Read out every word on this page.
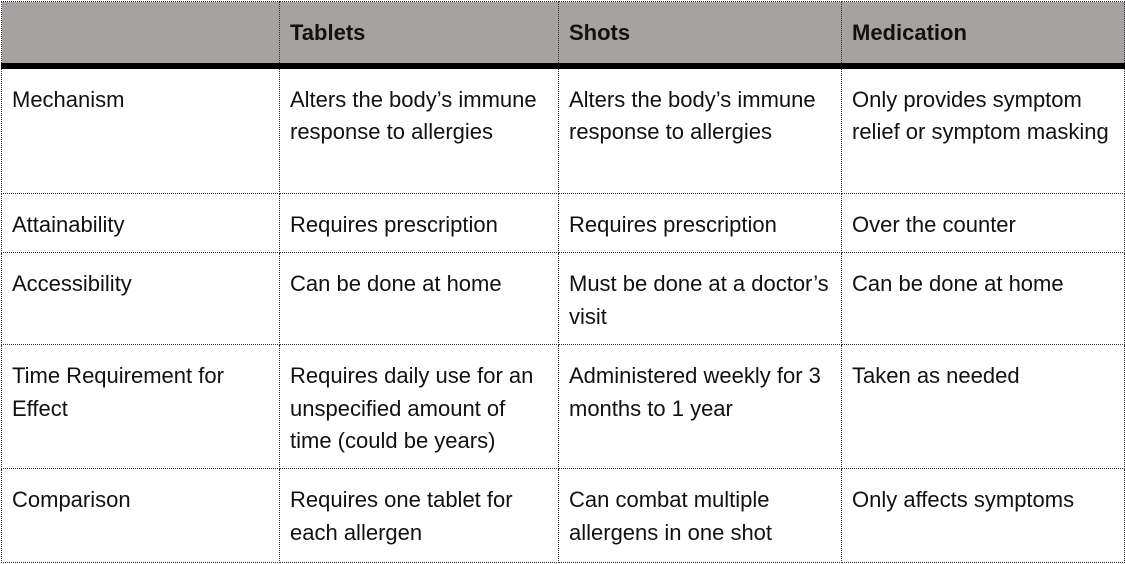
	Tablets	Shots	Medication
Mechanism	Alters the body’s immune response to allergies	Alters the body’s immune response to allergies	Only provides symptom relief or symptom masking
Attainability	Requires prescription	Requires prescription	Over the counter
Accessibility	Can be done at home	Must be done at a doctor’s visit	Can be done at home
Time Requirement for Effect	Requires daily use for an unspecified amount of time (could be years)	Administered weekly for 3 months to 1 year	Taken as needed
Comparison	Requires one tablet for each allergen	Can combat multiple allergens in one shot	Only affects symptoms
